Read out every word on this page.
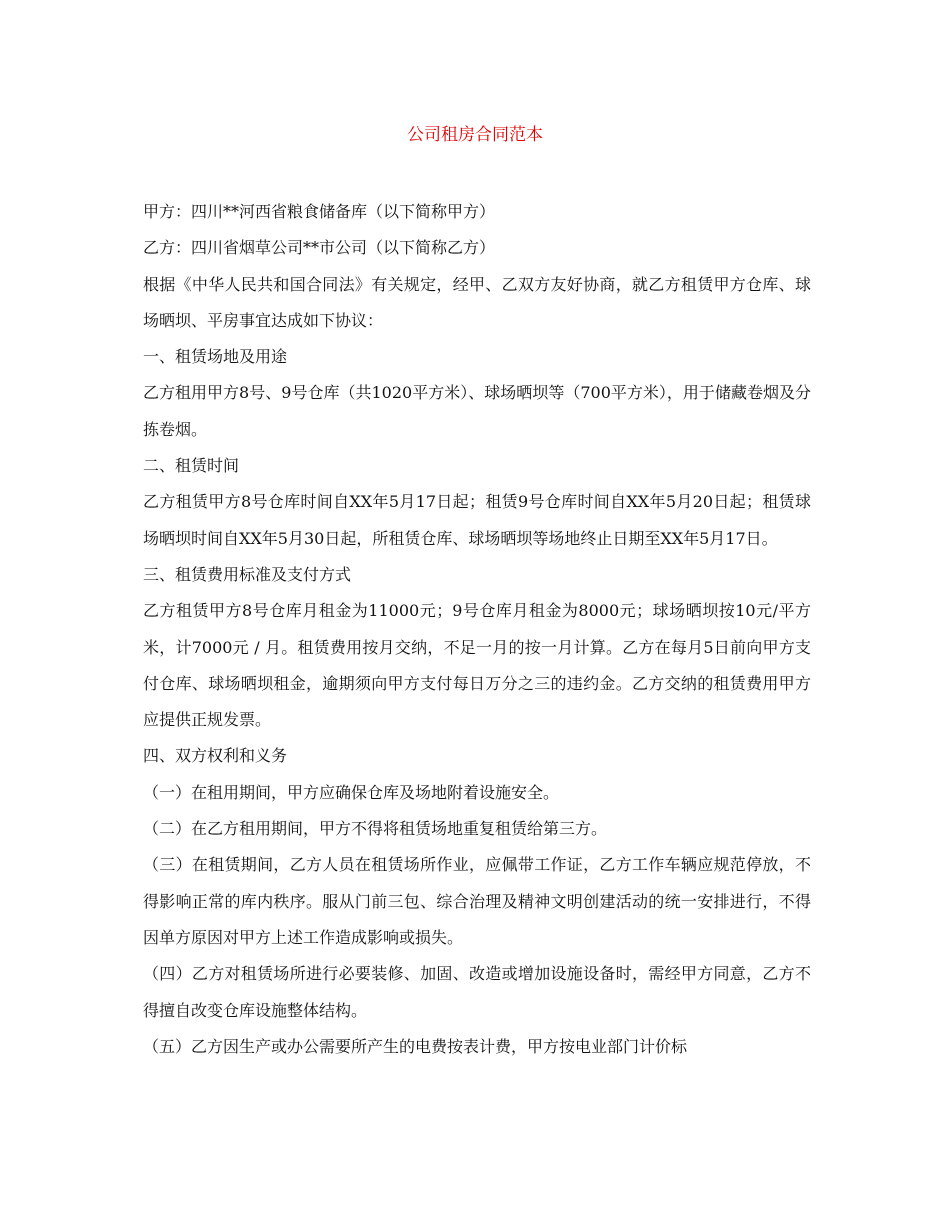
公司租房合同范本

甲方：四川**河西省粮食储备库（以下简称甲方）

乙方：四川省烟草公司**市公司（以下简称乙方）

根据《中华人民共和国合同法》有关规定，经甲、乙双方友好协商，就乙方租赁甲方仓库、球场晒坝、平房事宜达成如下协议：

一、租赁场地及用途

乙方租用甲方8号、9号仓库（共1020平方米）、球场晒坝等（700平方米），用于储藏卷烟及分拣卷烟。

二、租赁时间

乙方租赁甲方8号仓库时间自XX年5月17日起；租赁9号仓库时间自XX年5月20日起；租赁球场晒坝时间自XX年5月30日起，所租赁仓库、球场晒坝等场地终止日期至XX年5月17日。

三、租赁费用标准及支付方式

乙方租赁甲方8号仓库月租金为11000元；9号仓库月租金为8000元；球场晒坝按10元/平方米，计7000元 / 月。租赁费用按月交纳，不足一月的按一月计算。乙方在每月5日前向甲方支付仓库、球场晒坝租金，逾期须向甲方支付每日万分之三的违约金。乙方交纳的租赁费用甲方应提供正规发票。

四、双方权利和义务

（一）在租用期间，甲方应确保仓库及场地附着设施安全。

（二）在乙方租用期间，甲方不得将租赁场地重复租赁给第三方。

（三）在租赁期间，乙方人员在租赁场所作业，应佩带工作证，乙方工作车辆应规范停放，不得影响正常的库内秩序。服从门前三包、综合治理及精神文明创建活动的统一安排进行，不得因单方原因对甲方上述工作造成影响或损失。

（四）乙方对租赁场所进行必要装修、加固、改造或增加设施设备时，需经甲方同意，乙方不得擅自改变仓库设施整体结构。

（五）乙方因生产或办公需要所产生的电费按表计费，甲方按电业部门计价标
